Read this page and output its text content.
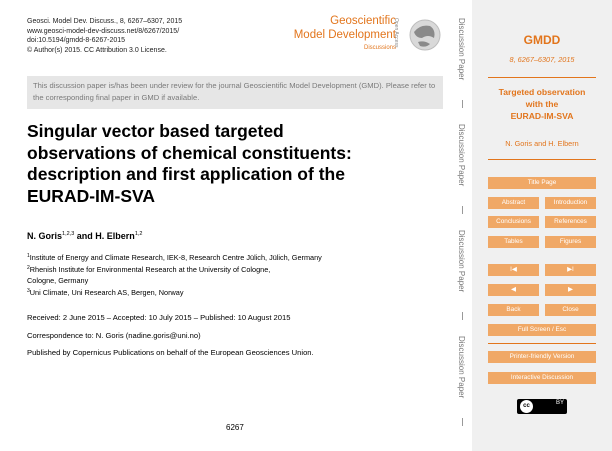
Geosci. Model Dev. Discuss., 8, 6267–6307, 2015
www.geosci-model-dev-discuss.net/8/6267/2015/
doi:10.5194/gmdd-8-6267-2015
© Author(s) 2015. CC Attribution 3.0 License.
Geoscientific
Model Development
Discussions
Open Access
This discussion paper is/has been under review for the journal Geoscientific Model Development (GMD). Please refer to the corresponding final paper in GMD if available.
Singular vector based targeted
observations of chemical constituents:
description and first application of the
EURAD-IM-SVA
N. Goris$^{1,2,3}$ and H. Elbern$^{1,2}$
$^1$Institute of Energy and Climate Research, IEK-8, Research Centre Jülich, Jülich, Germany
$^2$Rhenish Institute for Environmental Research at the University of Cologne,
Cologne, Germany
$^3$Uni Climate, Uni Research AS, Bergen, Norway
Received: 2 June 2015 – Accepted: 10 July 2015 – Published: 10 August 2015
Correspondence to: N. Goris (nadine.goris@uni.no)
Published by Copernicus Publications on behalf of the European Geosciences Union.
6267
Discussion Paper
Discussion Paper
Discussion Paper
Discussion Paper
GMDD
8, 6267–6307, 2015
Targeted observation
with the
EURAD-IM-SVA
N. Goris and H. Elbern
Title Page
Abstract	Introduction
Conclusions	References
Tables	Figures
I◀	▶I
◀	▶
Back	Close
Full Screen / Esc
Printer-friendly Version
Interactive Discussion
cc	BY
